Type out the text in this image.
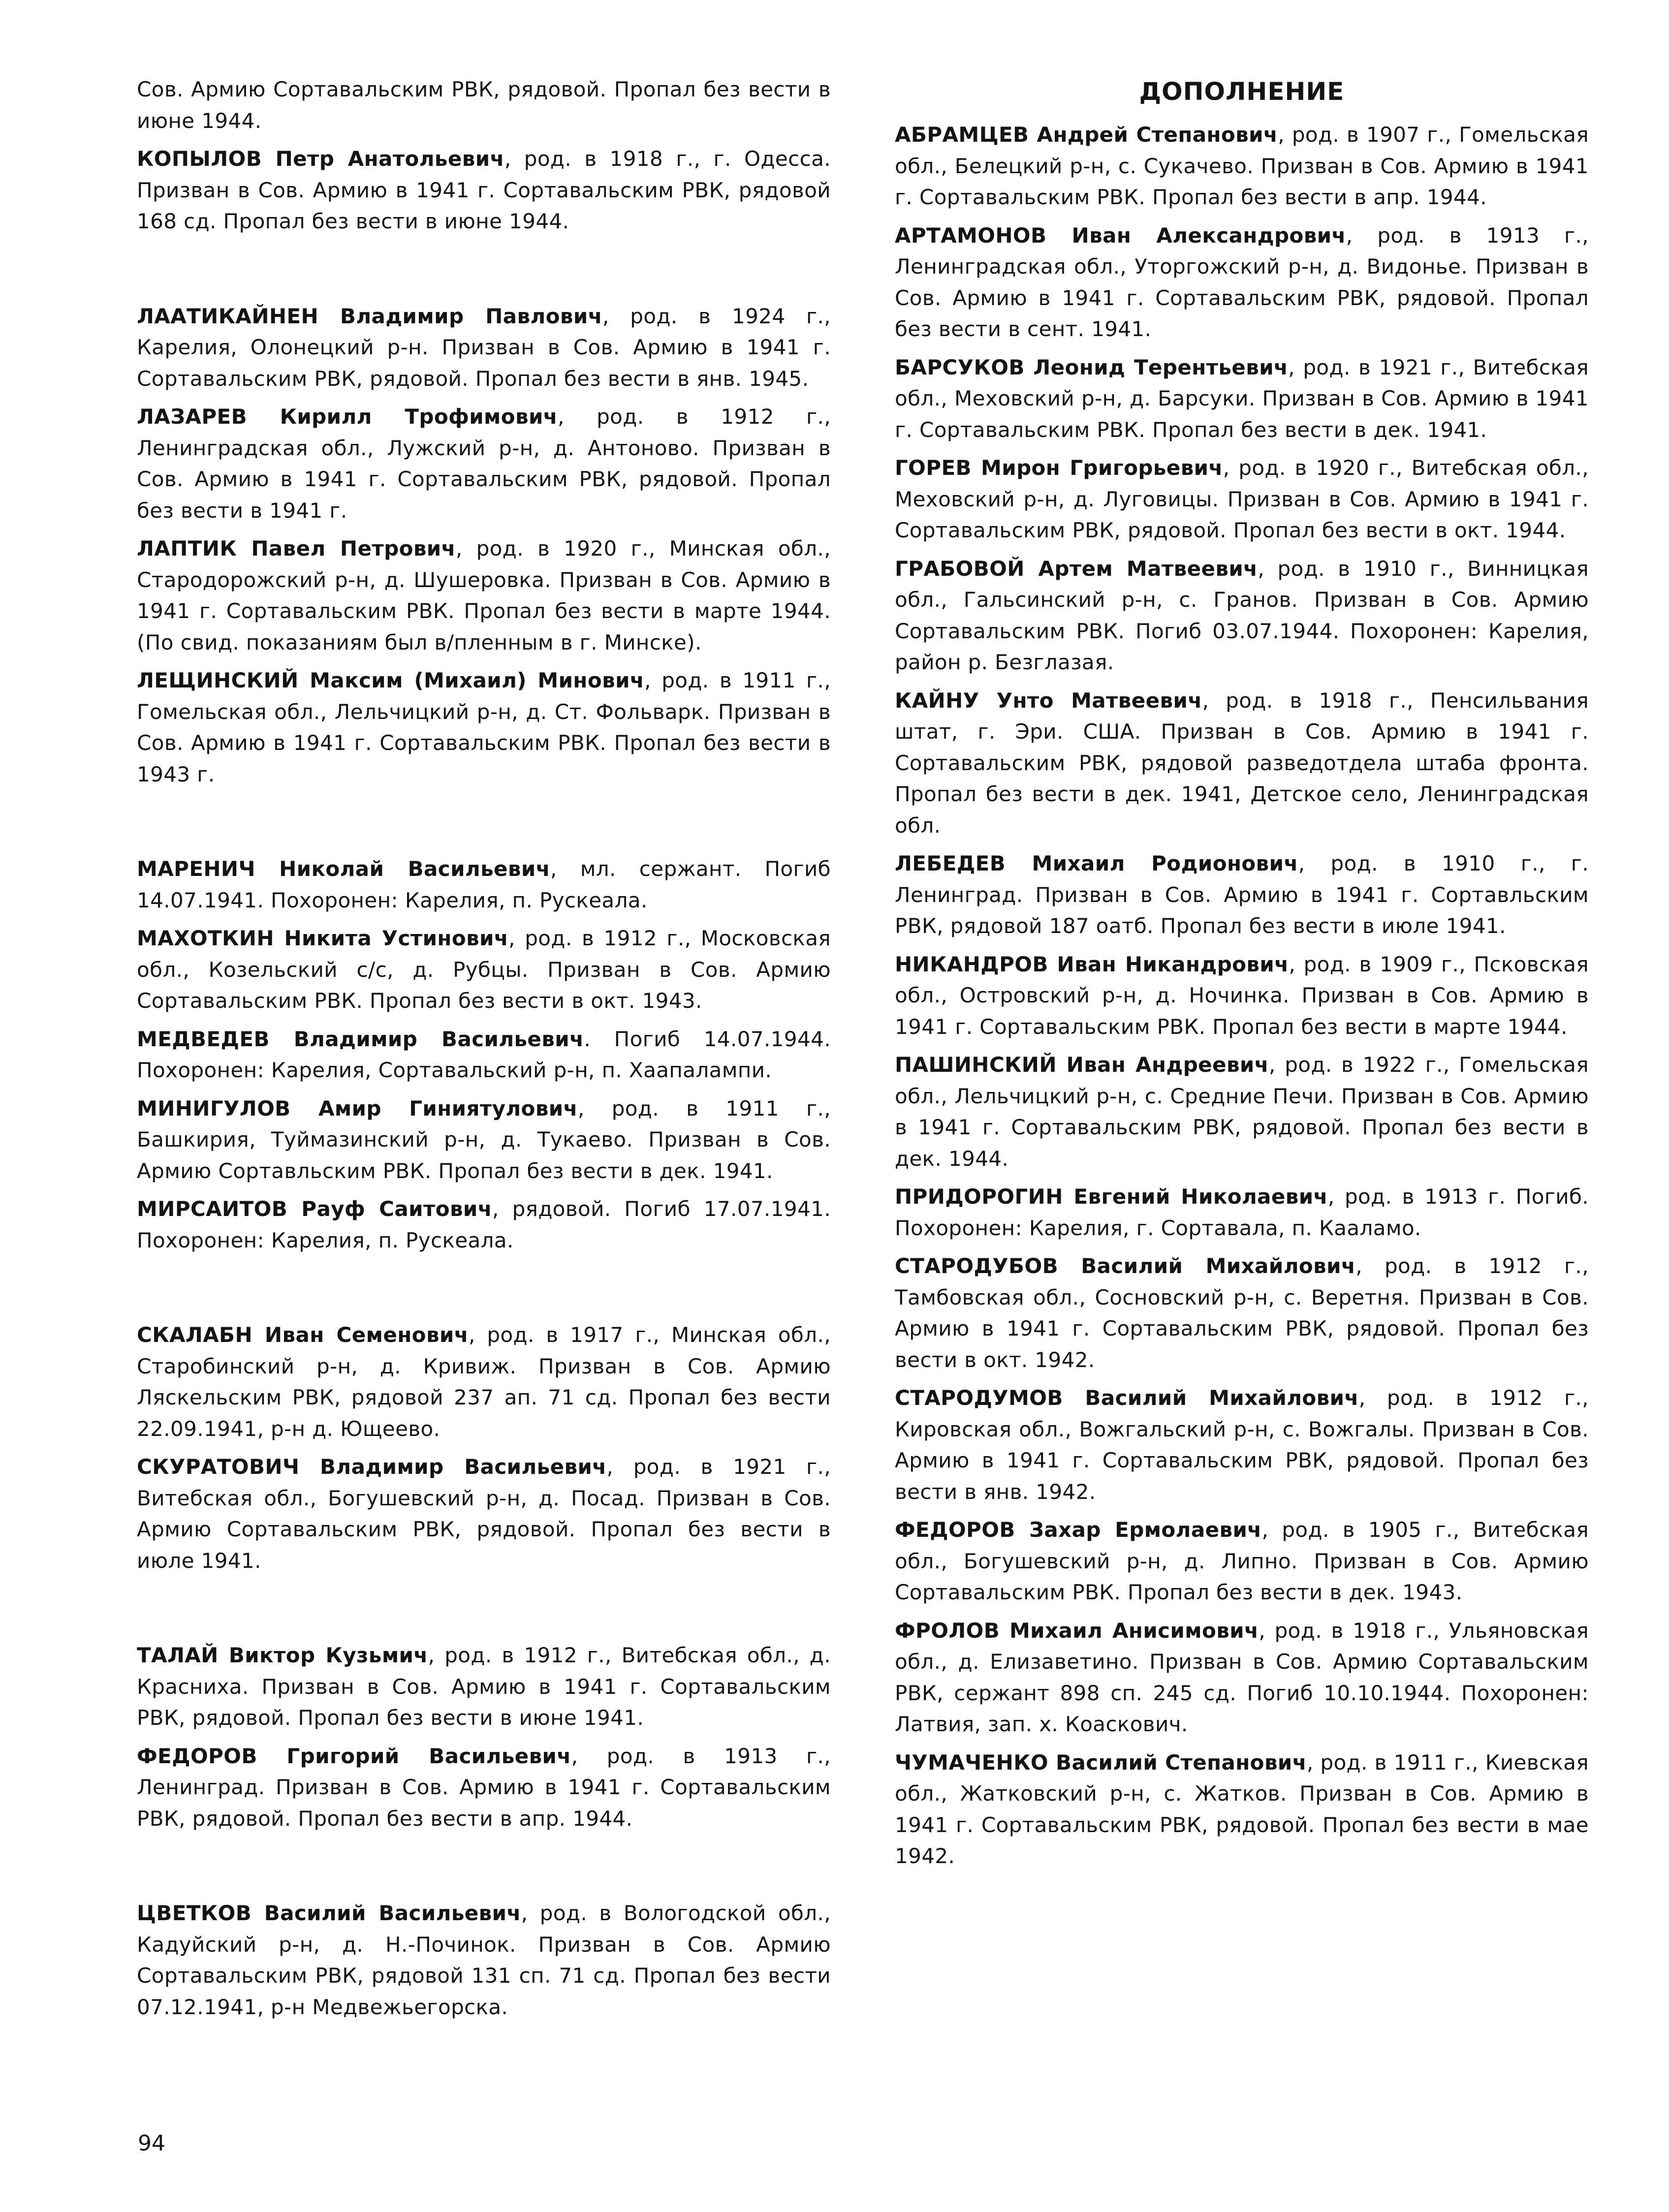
Сов. Армию Сортавальским РВК, рядовой. Пропал без вести в июне 1944.

КОПЫЛОВ Петр Анатольевич, род. в 1918 г., г. Одесса. Призван в Сов. Армию в 1941 г. Сортавальским РВК, рядовой 168 сд. Пропал без вести в июне 1944.

ЛААТИКАЙНЕН Владимир Павлович, род. в 1924 г., Карелия, Олонецкий р-н. Призван в Сов. Армию в 1941 г. Сортавальским РВК, рядовой. Пропал без вести в янв. 1945.

ЛАЗАРЕВ Кирилл Трофимович, род. в 1912 г., Ленинградская обл., Лужский р-н, д. Антоново. Призван в Сов. Армию в 1941 г. Сортавальским РВК, рядовой. Пропал без вести в 1941 г.

ЛАПТИК Павел Петрович, род. в 1920 г., Минская обл., Стародорожский р-н, д. Шушеровка. Призван в Сов. Армию в 1941 г. Сортавальским РВК. Пропал без вести в марте 1944. (По свид. показаниям был в/пленным в г. Минске).

ЛЕЩИНСКИЙ Максим (Михаил) Минович, род. в 1911 г., Гомельская обл., Лельчицкий р-н, д. Ст. Фольварк. Призван в Сов. Армию в 1941 г. Сортавальским РВК. Пропал без вести в 1943 г.

МАРЕНИЧ Николай Васильевич, мл. сержант. Погиб 14.07.1941. Похоронен: Карелия, п. Рускеала.

МАХОТКИН Никита Устинович, род. в 1912 г., Московская обл., Козельский с/с, д. Рубцы. Призван в Сов. Армию Сортавальским РВК. Пропал без вести в окт. 1943.

МЕДВЕДЕВ Владимир Васильевич. Погиб 14.07.1944. Похоронен: Карелия, Сортавальский р-н, п. Хаапалампи.

МИНИГУЛОВ Амир Гиниятулович, род. в 1911 г., Башкирия, Туймазинский р-н, д. Тукаево. Призван в Сов. Армию Сортавльским РВК. Пропал без вести в дек. 1941.

МИРСАИТОВ Рауф Саитович, рядовой. Погиб 17.07.1941. Похоронен: Карелия, п. Рускеала.

СКАЛАБН Иван Семенович, род. в 1917 г., Минская обл., Старобинский р-н, д. Кривиж. Призван в Сов. Армию Ляскельским РВК, рядовой 237 ап. 71 сд. Пропал без вести 22.09.1941, р-н д. Ющеево.

СКУРАТОВИЧ Владимир Васильевич, род. в 1921 г., Витебская обл., Богушевский р-н, д. Посад. Призван в Сов. Армию Сортавальским РВК, рядовой. Пропал без вести в июле 1941.

ТАЛАЙ Виктор Кузьмич, род. в 1912 г., Витебская обл., д. Красниха. Призван в Сов. Армию в 1941 г. Сортавальским РВК, рядовой. Пропал без вести в июне 1941.

ФЕДОРОВ Григорий Васильевич, род. в 1913 г., Ленинград. Призван в Сов. Армию в 1941 г. Сортавальским РВК, рядовой. Пропал без вести в апр. 1944.

ЦВЕТКОВ Василий Васильевич, род. в Вологодской обл., Кадуйский р-н, д. Н.-Починок. Призван в Сов. Армию Сортавальским РВК, рядовой 131 сп. 71 сд. Пропал без вести 07.12.1941, р-н Медвежьегорска.

ДОПОЛНЕНИЕ

АБРАМЦЕВ Андрей Степанович, род. в 1907 г., Гомельская обл., Белецкий р-н, с. Сукачево. Призван в Сов. Армию в 1941 г. Сортавальским РВК. Пропал без вести в апр. 1944.

АРТАМОНОВ Иван Александрович, род. в 1913 г., Ленинградская обл., Уторгожский р-н, д. Видонье. Призван в Сов. Армию в 1941 г. Сортавальским РВК, рядовой. Пропал без вести в сент. 1941.

БАРСУКОВ Леонид Терентьевич, род. в 1921 г., Витебская обл., Меховский р-н, д. Барсуки. Призван в Сов. Армию в 1941 г. Сортавальским РВК. Пропал без вести в дек. 1941.

ГОРЕВ Мирон Григорьевич, род. в 1920 г., Витебская обл., Меховский р-н, д. Луговицы. Призван в Сов. Армию в 1941 г. Сортавальским РВК, рядовой. Пропал без вести в окт. 1944.

ГРАБОВОЙ Артем Матвеевич, род. в 1910 г., Винницкая обл., Гальсинский р-н, с. Гранов. Призван в Сов. Армию Сортавальским РВК. Погиб 03.07.1944. Похоронен: Карелия, район р. Безглазая.

КАЙНУ Унто Матвеевич, род. в 1918 г., Пенсильвания штат, г. Эри. США. Призван в Сов. Армию в 1941 г. Сортавальским РВК, рядовой разведотдела штаба фронта. Пропал без вести в дек. 1941, Детское село, Ленинградская обл.

ЛЕБЕДЕВ Михаил Родионович, род. в 1910 г., г. Ленинград. Призван в Сов. Армию в 1941 г. Сортавльским РВК, рядовой 187 оатб. Пропал без вести в июле 1941.

НИКАНДРОВ Иван Никандрович, род. в 1909 г., Псковская обл., Островский р-н, д. Ночинка. Призван в Сов. Армию в 1941 г. Сортавальским РВК. Пропал без вести в марте 1944.

ПАШИНСКИЙ Иван Андреевич, род. в 1922 г., Гомельская обл., Лельчицкий р-н, с. Средние Печи. Призван в Сов. Армию в 1941 г. Сортавальским РВК, рядовой. Пропал без вести в дек. 1944.

ПРИДОРОГИН Евгений Николаевич, род. в 1913 г. Погиб. Похоронен: Карелия, г. Сортавала, п. Кааламо.

СТАРОДУБОВ Василий Михайлович, род. в 1912 г., Тамбовская обл., Сосновский р-н, с. Веретня. Призван в Сов. Армию в 1941 г. Сортавальским РВК, рядовой. Пропал без вести в окт. 1942.

СТАРОДУМОВ Василий Михайлович, род. в 1912 г., Кировская обл., Вожгальский р-н, с. Вожгалы. Призван в Сов. Армию в 1941 г. Сортавальским РВК, рядовой. Пропал без вести в янв. 1942.

ФЕДОРОВ Захар Ермолаевич, род. в 1905 г., Витебская обл., Богушевский р-н, д. Липно. Призван в Сов. Армию Сортавальским РВК. Пропал без вести в дек. 1943.

ФРОЛОВ Михаил Анисимович, род. в 1918 г., Ульяновская обл., д. Елизаветино. Призван в Сов. Армию Сортавальским РВК, сержант 898 сп. 245 сд. Погиб 10.10.1944. Похоронен: Латвия, зап. х. Коаскович.

ЧУМАЧЕНКО Василий Степанович, род. в 1911 г., Киевская обл., Жатковский р-н, с. Жатков. Призван в Сов. Армию в 1941 г. Сортавальским РВК, рядовой. Пропал без вести в мае 1942.

94
